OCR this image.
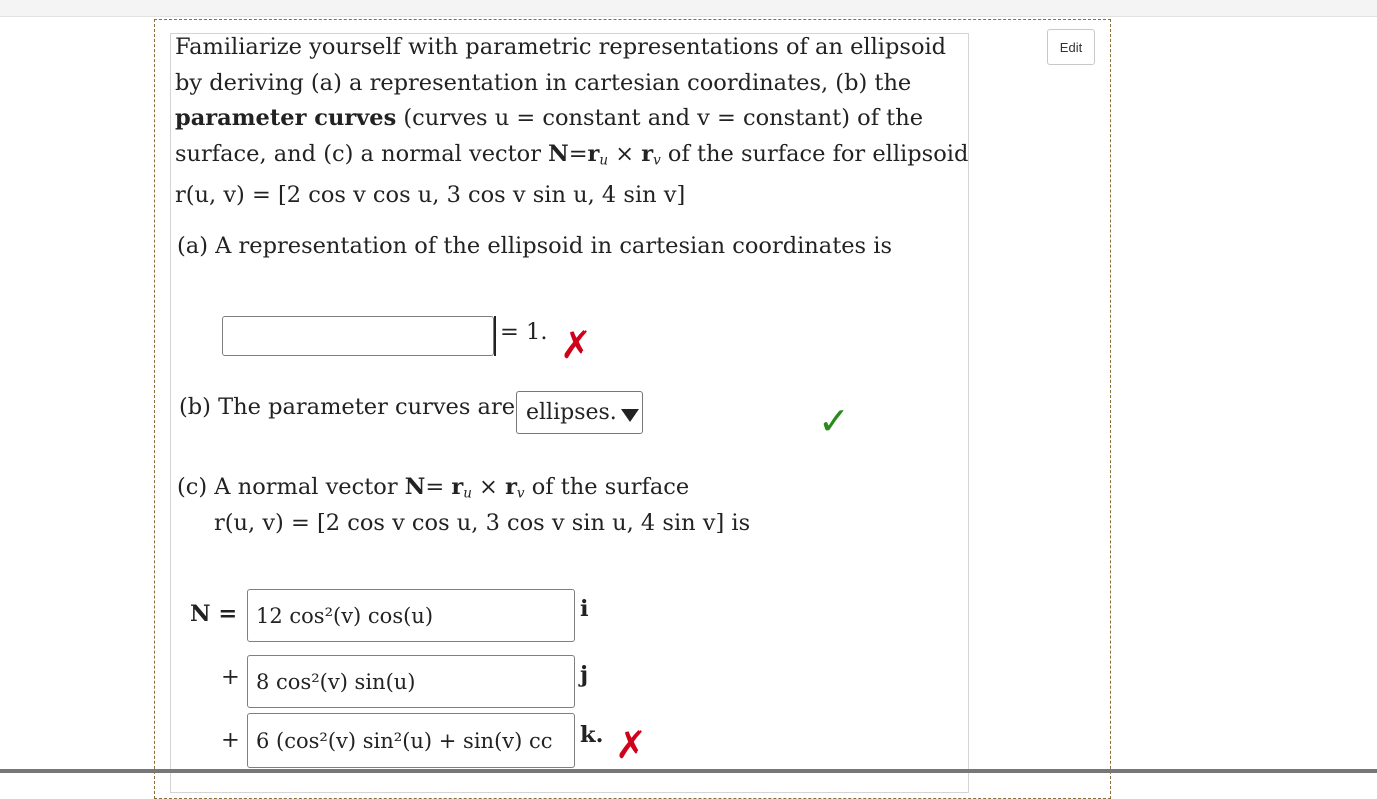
Edit

Familiarize yourself with parametric representations of an ellipsoid

by deriving (a) a representation in cartesian coordinates, (b) the

parameter curves (curves u = constant and v = constant) of the

surface, and (c) a normal vector $N=r_u \times r_v$ of the surface for ellipsoid

r(u, v) = [2 cos v cos u, 3 cos v sin u, 4 sin v]

(a) A representation of the ellipsoid in cartesian coordinates is
= 1. ✗
(b) The parameter curves are ellipses.	✓
(c) A normal vector $N= r_u \times r_v$ of the surface
r(u, v) = [2 cos v cos u, 3 cos v sin u, 4 sin v] is
N = 12 cos²(v) cos(u)	i
+ 8 cos²(v) sin(u)	j
+ 6 (cos²(v) sin²(u) + sin(v) cc k. ✗
